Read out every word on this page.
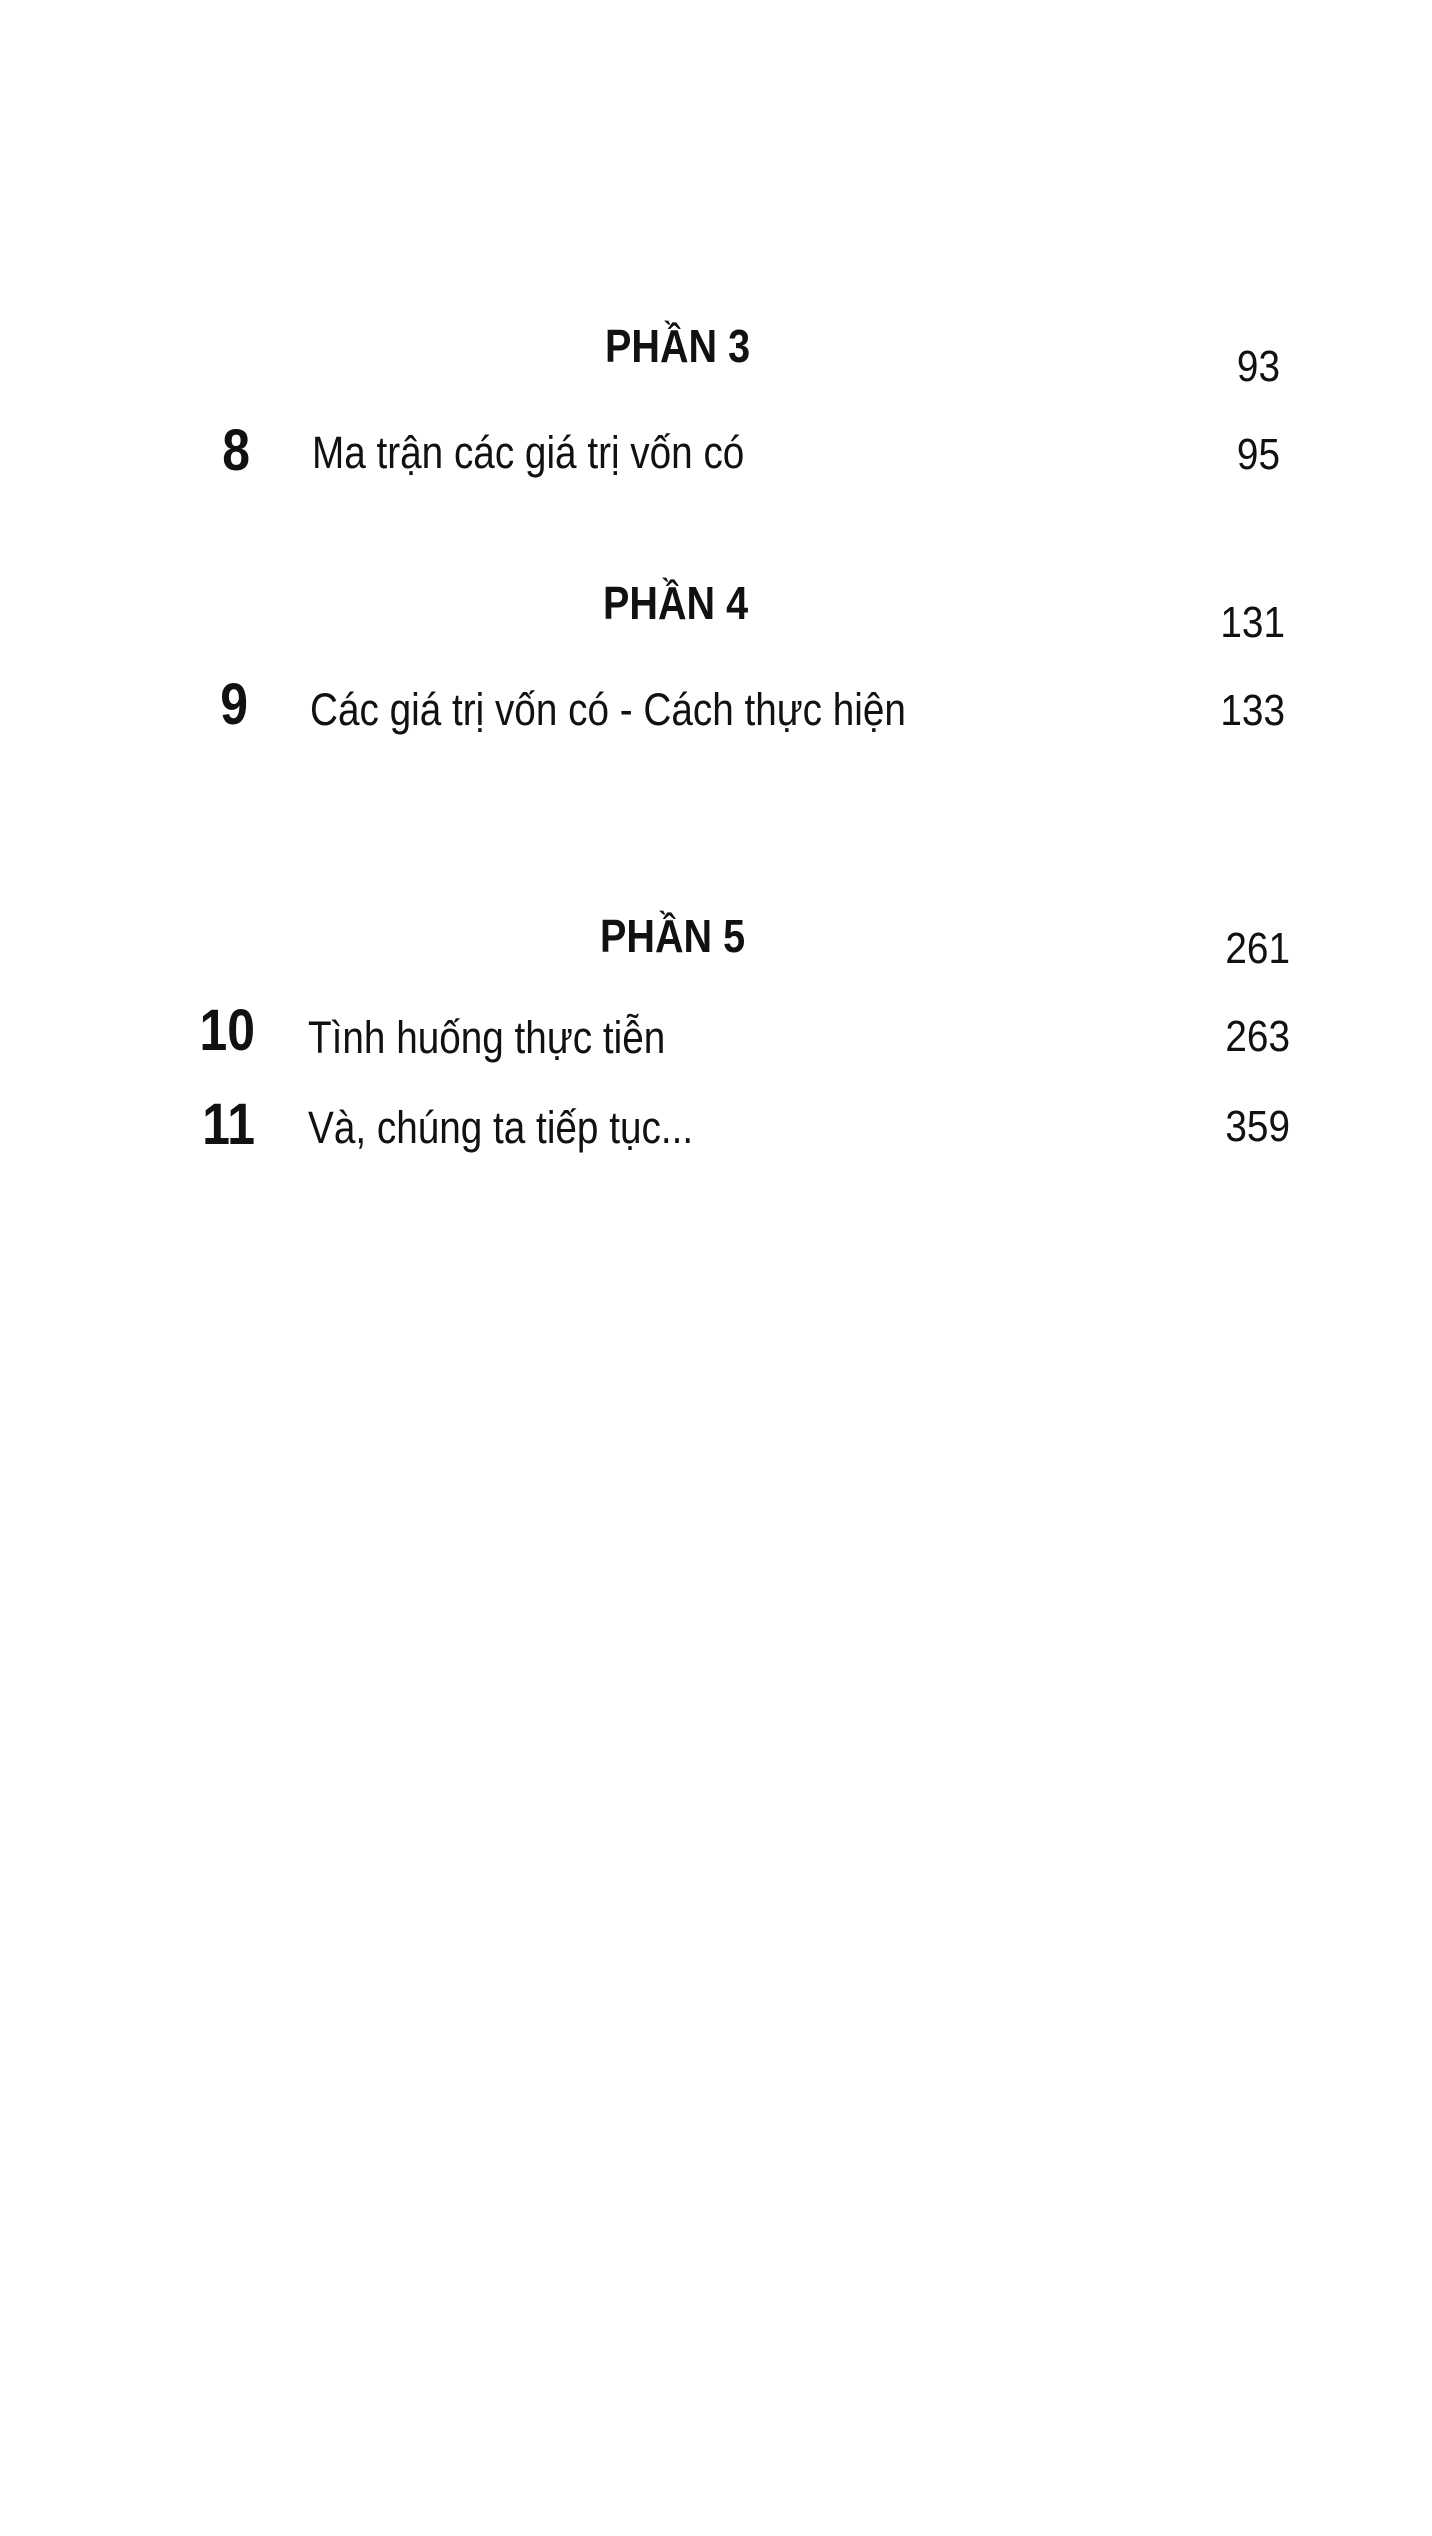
PHẦN 3	93
8 Ma trận các giá trị vốn có	95
PHẦN 4	131
9 Các giá trị vốn có - Cách thực hiện	133
PHẦN 5	261
10 Tình huống thực tiễn	263
11 Và, chúng ta tiếp tục...	359
